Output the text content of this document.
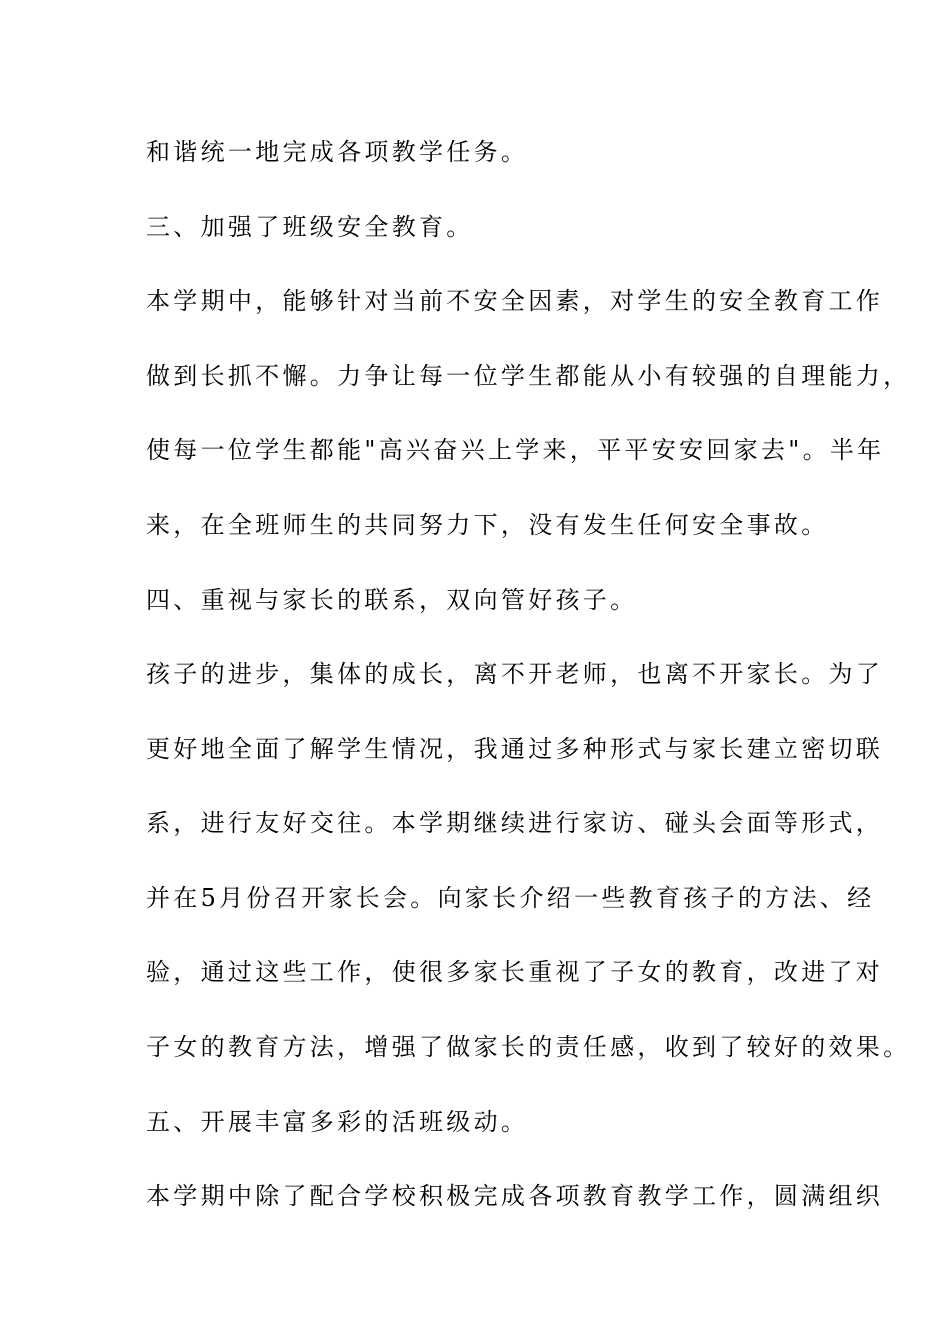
和谐统一地完成各项教学任务。
三、加强了班级安全教育。
本学期中，能够针对当前不安全因素，对学生的安全教育工作
做到长抓不懈。力争让每一位学生都能从小有较强的自理能力，
使每一位学生都能"高兴奋兴上学来，平平安安回家去"。半年
来，在全班师生的共同努力下，没有发生任何安全事故。
四、重视与家长的联系，双向管好孩子。
孩子的进步，集体的成长，离不开老师，也离不开家长。为了
更好地全面了解学生情况，我通过多种形式与家长建立密切联
系，进行友好交往。本学期继续进行家访、碰头会面等形式，
并在5月份召开家长会。向家长介绍一些教育孩子的方法、经
验，通过这些工作，使很多家长重视了子女的教育，改进了对
子女的教育方法，增强了做家长的责任感，收到了较好的效果。
五、开展丰富多彩的活班级动。
本学期中除了配合学校积极完成各项教育教学工作，圆满组织
